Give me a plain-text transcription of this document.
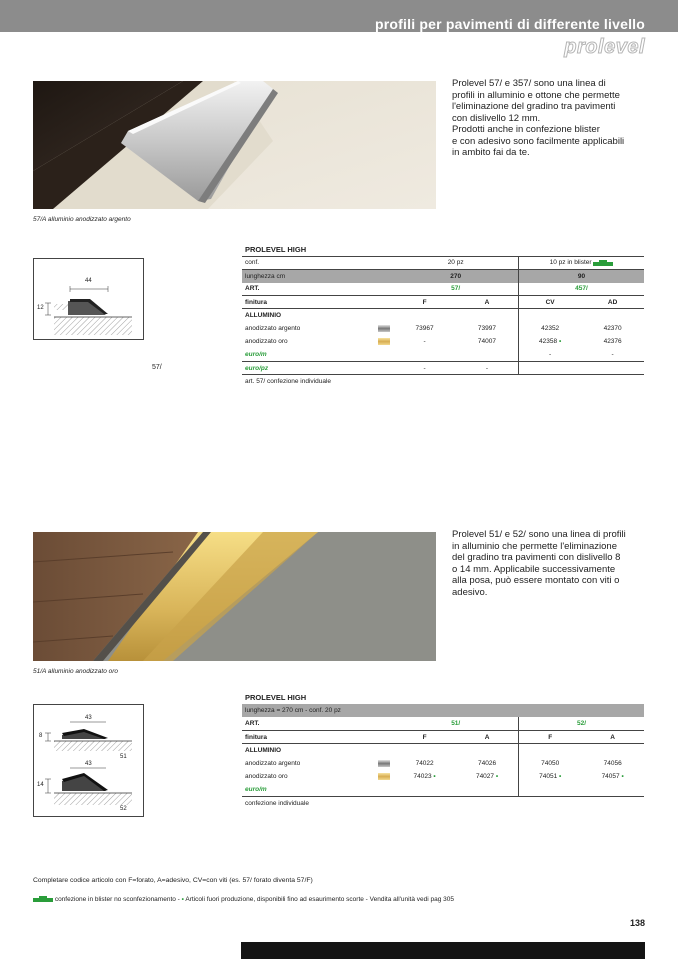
profili per pavimenti di differente livello
prolevel
Prolevel 57/ e 357/ sono una linea di
profili in alluminio e ottone che permette
l'eliminazione del gradino tra pavimenti
con dislivello 12 mm.
Prodotti anche in confezione blister
e con adesivo sono facilmente applicabili
in ambito fai da te.
57/A alluminio anodizzato argento
44
12
57/
PROLEVEL HIGH					
conf.		20 pz		10 pz in blister	
lunghezza cm		270		90	
ART.		57/		457/	
finitura		F	A	CV	AD
ALLUMINIO					
anodizzato argento		73967	73997	42352	42370
anodizzato oro		-	74007	42358 •	42376
euro/m				-	-
euro/pz		-	-		
art. 57/ confezione individuale					
Prolevel 51/ e 52/ sono una linea di profili
in alluminio che permette l'eliminazione
del gradino tra pavimenti con dislivello 8
o 14 mm. Applicabile successivamente
alla posa, può essere montato con viti o
adesivo.
51/A alluminio anodizzato oro
43
8
51
43
14
52
PROLEVEL HIGH					
lunghezza = 270 cm - conf. 20 pz					
ART.		51/		52/	
finitura		F	A	F	A
ALLUMINIO					
anodizzato argento		74022	74026	74050	74056
anodizzato oro		74023 •	74027 •	74051 •	74057 •
euro/m					
confezione individuale					
Completare codice articolo con F=forato, A=adesivo, CV=con viti (es. 57/ forato diventa 57/F)
confezione in blister no sconfezionamento - • Articoli fuori produzione, disponibili fino ad esaurimento scorte - Vendita all'unità vedi pag 305
138
